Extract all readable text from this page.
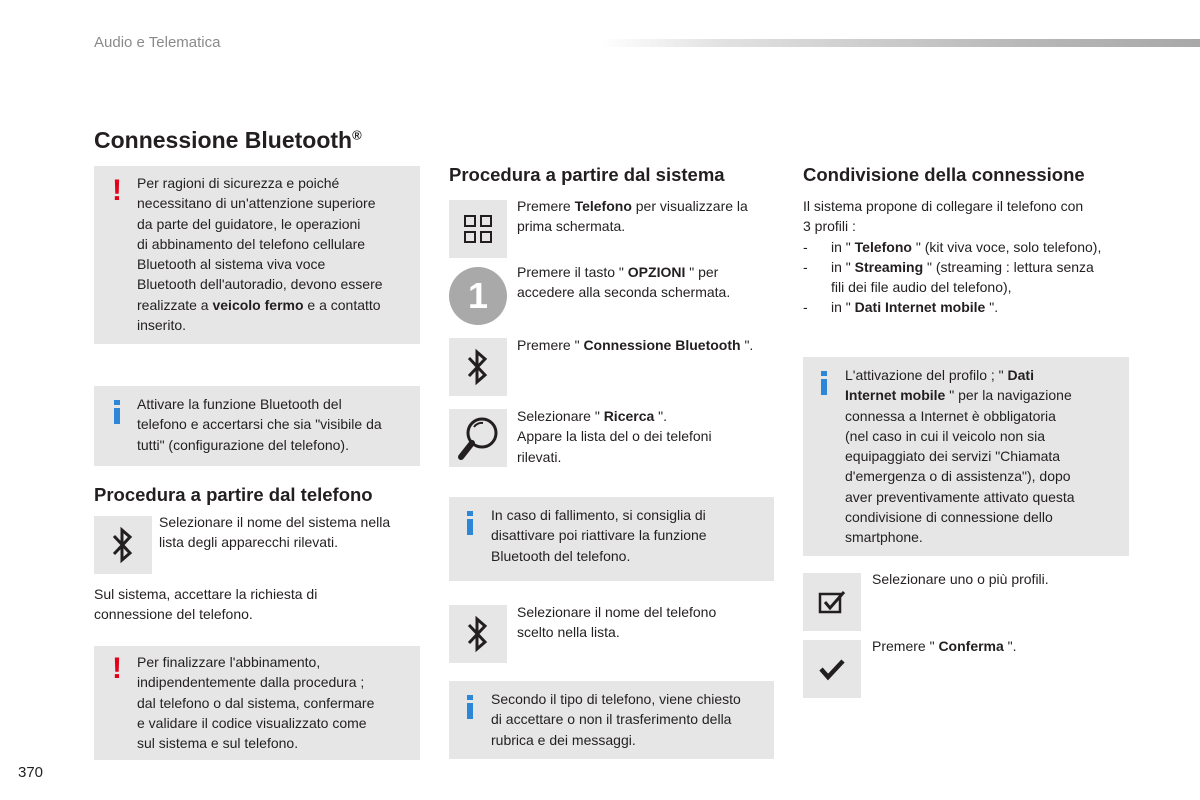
Audio e Telematica
370
Connessione Bluetooth®
! Per ragioni di sicurezza e poiché
necessitano di un'attenzione superiore
da parte del guidatore, le operazioni
di abbinamento del telefono cellulare
Bluetooth al sistema viva voce
Bluetooth dell'autoradio, devono essere
realizzate a veicolo fermo e a contatto
inserito.
Attivare la funzione Bluetooth del
telefono e accertarsi che sia "visibile da
tutti" (configurazione del telefono).
Procedura a partire dal telefono
Selezionare il nome del sistema nella
lista degli apparecchi rilevati.
Sul sistema, accettare la richiesta di
connessione del telefono.
! Per finalizzare l'abbinamento,
indipendentemente dalla procedura ;
dal telefono o dal sistema, confermare
e validare il codice visualizzato come
sul sistema e sul telefono.
Procedura a partire dal sistema
Premere Telefono per visualizzare la
prima schermata.
1
Premere il tasto " OPZIONI " per
accedere alla seconda schermata.
Premere " Connessione Bluetooth ".
Selezionare " Ricerca ".
Appare la lista del o dei telefoni
rilevati.
In caso di fallimento, si consiglia di
disattivare poi riattivare la funzione
Bluetooth del telefono.
Selezionare il nome del telefono
scelto nella lista.
Secondo il tipo di telefono, viene chiesto
di accettare o non il trasferimento della
rubrica e dei messaggi.
Condivisione della connessione
Il sistema propone di collegare il telefono con
3 profili :
-	in " Telefono " (kit viva voce, solo telefono),
-	in " Streaming " (streaming : lettura senza
fili dei file audio del telefono),
-	in " Dati Internet mobile ".
L'attivazione del profilo ; " Dati
Internet mobile " per la navigazione
connessa a Internet è obbligatoria
(nel caso in cui il veicolo non sia
equipaggiato dei servizi "Chiamata
d'emergenza o di assistenza"), dopo
aver preventivamente attivato questa
condivisione di connessione dello
smartphone.
Selezionare uno o più profili.
Premere " Conferma ".
